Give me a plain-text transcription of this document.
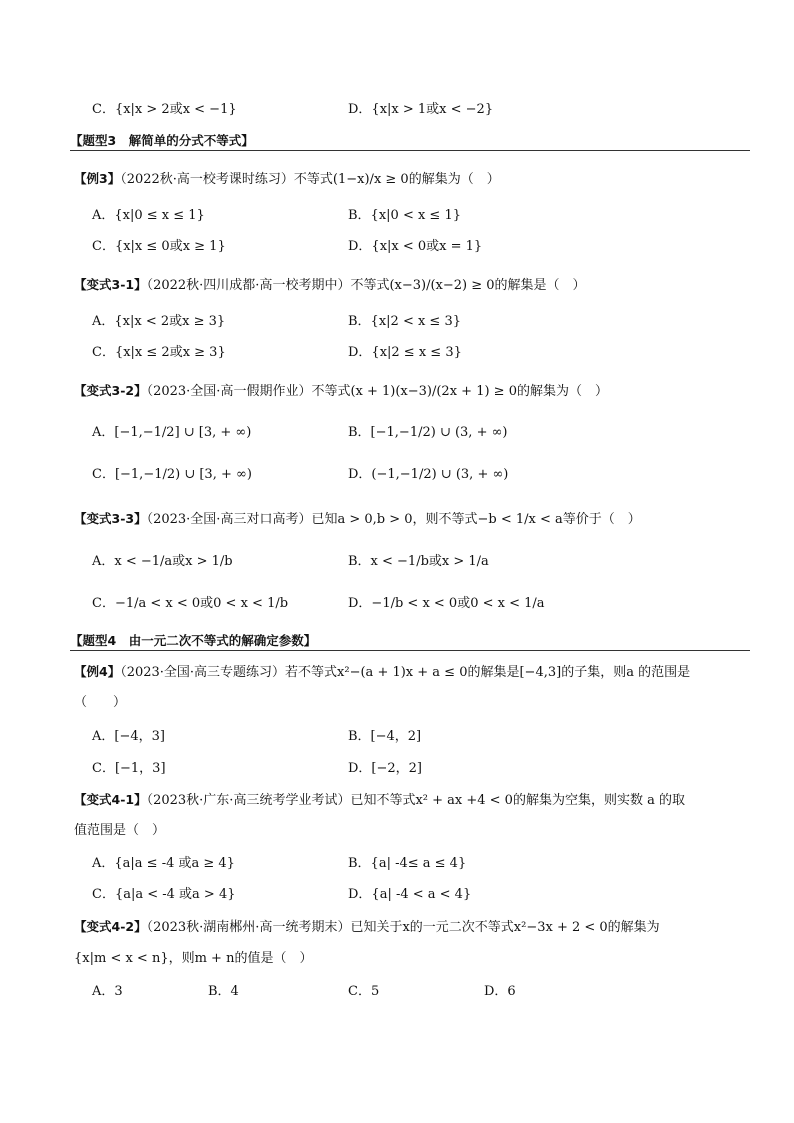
C．{x|x > 2或x < −1}	D．{x|x > 1或x < −2}
【题型3　解简单的分式不等式】
【例3】（2022秋·高一校考课时练习）不等式(1−x)/x ≥ 0的解集为（　）
A．{x|0 ≤ x ≤ 1}	B．{x|0 < x ≤ 1}
C．{x|x ≤ 0或x ≥ 1}	D．{x|x < 0或x = 1}
【变式3-1】（2022秋·四川成都·高一校考期中）不等式(x−3)/(x−2) ≥ 0的解集是（　）
A．{x|x < 2或x ≥ 3}	B．{x|2 < x ≤ 3}
C．{x|x ≤ 2或x ≥ 3}	D．{x|2 ≤ x ≤ 3}
【变式3-2】（2023·全国·高一假期作业）不等式(x + 1)(x−3)/(2x + 1) ≥ 0的解集为（　）
A．[−1,−1/2] ∪ [3, + ∞)	B．[−1,−1/2) ∪ (3, + ∞)
C．[−1,−1/2) ∪ [3, + ∞)	D．(−1,−1/2) ∪ (3, + ∞)
【变式3-3】（2023·全国·高三对口高考）已知a > 0,b > 0，则不等式−b < 1/x < a等价于（　）
A．x < −1/a或x > 1/b	B．x < −1/b或x > 1/a
C．−1/a < x < 0或0 < x < 1/b	D．−1/b < x < 0或0 < x < 1/a
【题型4　由一元二次不等式的解确定参数】
【例4】（2023·全国·高三专题练习）若不等式x²−(a + 1)x + a ≤ 0的解集是[−4,3]的子集，则a 的范围是
（　　）
A．[−4，3]	B．[−4，2]
C．[−1，3]	D．[−2，2]
【变式4-1】（2023秋·广东·高三统考学业考试）已知不等式x² + ax +4 < 0的解集为空集，则实数 a 的取
值范围是（　）
A．{a|a ≤ -4 或a ≥ 4}	B．{a| -4≤ a ≤ 4}
C．{a|a < -4 或a > 4}	D．{a| -4 < a < 4}
【变式4-2】（2023秋·湖南郴州·高一统考期末）已知关于x的一元二次不等式x²−3x + 2 < 0的解集为
{x|m < x < n}，则m + n的值是（　）
A．3	B．4	C．5	D．6
